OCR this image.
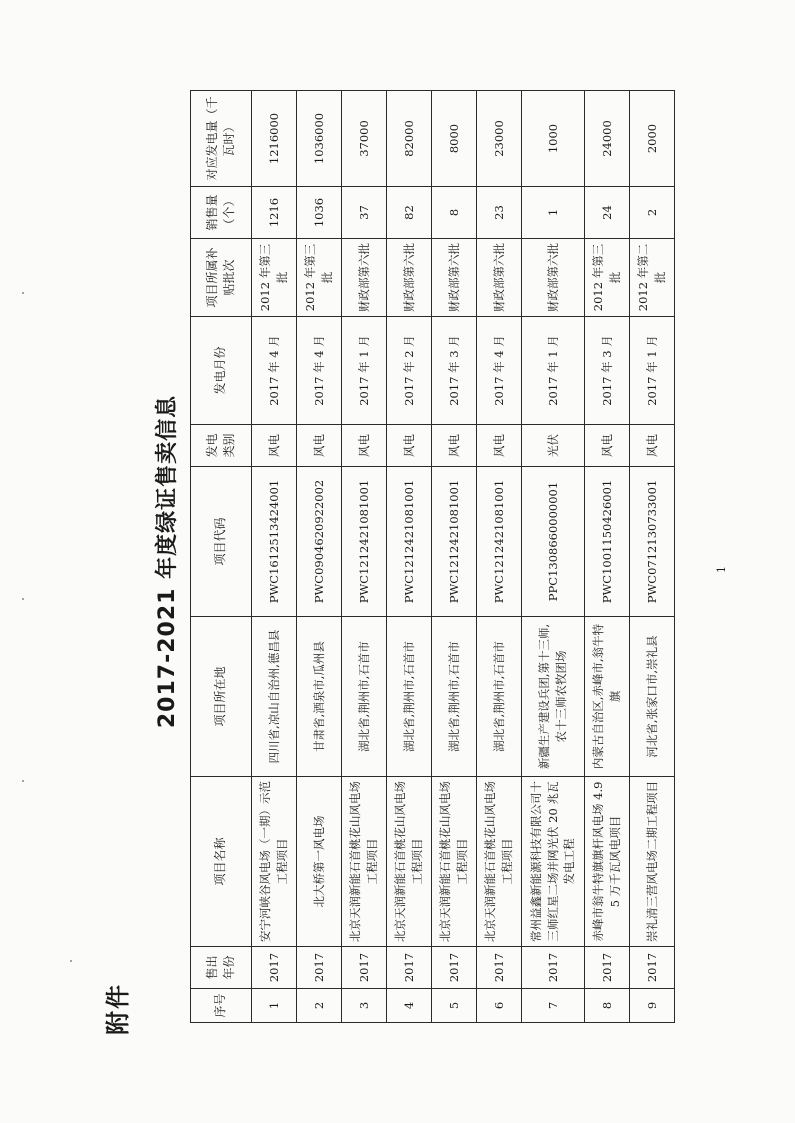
附件
2017-2021 年度绿证售卖信息
序号	售出年份	项目名称	项目所在地	项目代码	发电类别	发电月份	项目所属补贴批次	销售量（个）	对应发电量（千瓦时）
1	2017	安宁河峡谷风电场（一期）示范工程项目	四川省,凉山自治州,德昌县	PWC1612513424001	风电	2017 年 4 月	2012 年第三批	1216	1216000
2	2017	北大桥第一风电场	甘肃省,酒泉市,瓜州县	PWC0904620922002	风电	2017 年 4 月	2012 年第三批	1036	1036000
3	2017	北京天润新能石首桃花山风电场工程项目	湖北省,荆州市,石首市	PWC1212421081001	风电	2017 年 1 月	财政部第六批	37	37000
4	2017	北京天润新能石首桃花山风电场工程项目	湖北省,荆州市,石首市	PWC1212421081001	风电	2017 年 2 月	财政部第六批	82	82000
5	2017	北京天润新能石首桃花山风电场工程项目	湖北省,荆州市,石首市	PWC1212421081001	风电	2017 年 3 月	财政部第六批	8	8000
6	2017	北京天润新能石首桃花山风电场工程项目	湖北省,荆州市,石首市	PWC1212421081001	风电	2017 年 4 月	财政部第六批	23	23000
7	2017	常州益鑫新能源科技有限公司十三师红星二场并网光伏 20 兆瓦发电工程	新疆生产建设兵团,第十三师,农十三师农牧团场	PPC1308660000001	光伏	2017 年 1 月	财政部第六批	1	1000
8	2017	赤峰市翁牛特旗旗杆风电场 4.95 万千瓦风电项目	内蒙古自治区,赤峰市,翁牛特旗	PWC1001150426001	风电	2017 年 3 月	2012 年第三批	24	24000
9	2017	崇礼清三营风电场二期工程项目	河北省,张家口市,崇礼县	PWC0712130733001	风电	2017 年 1 月	2012 年第二批	2	2000
1
